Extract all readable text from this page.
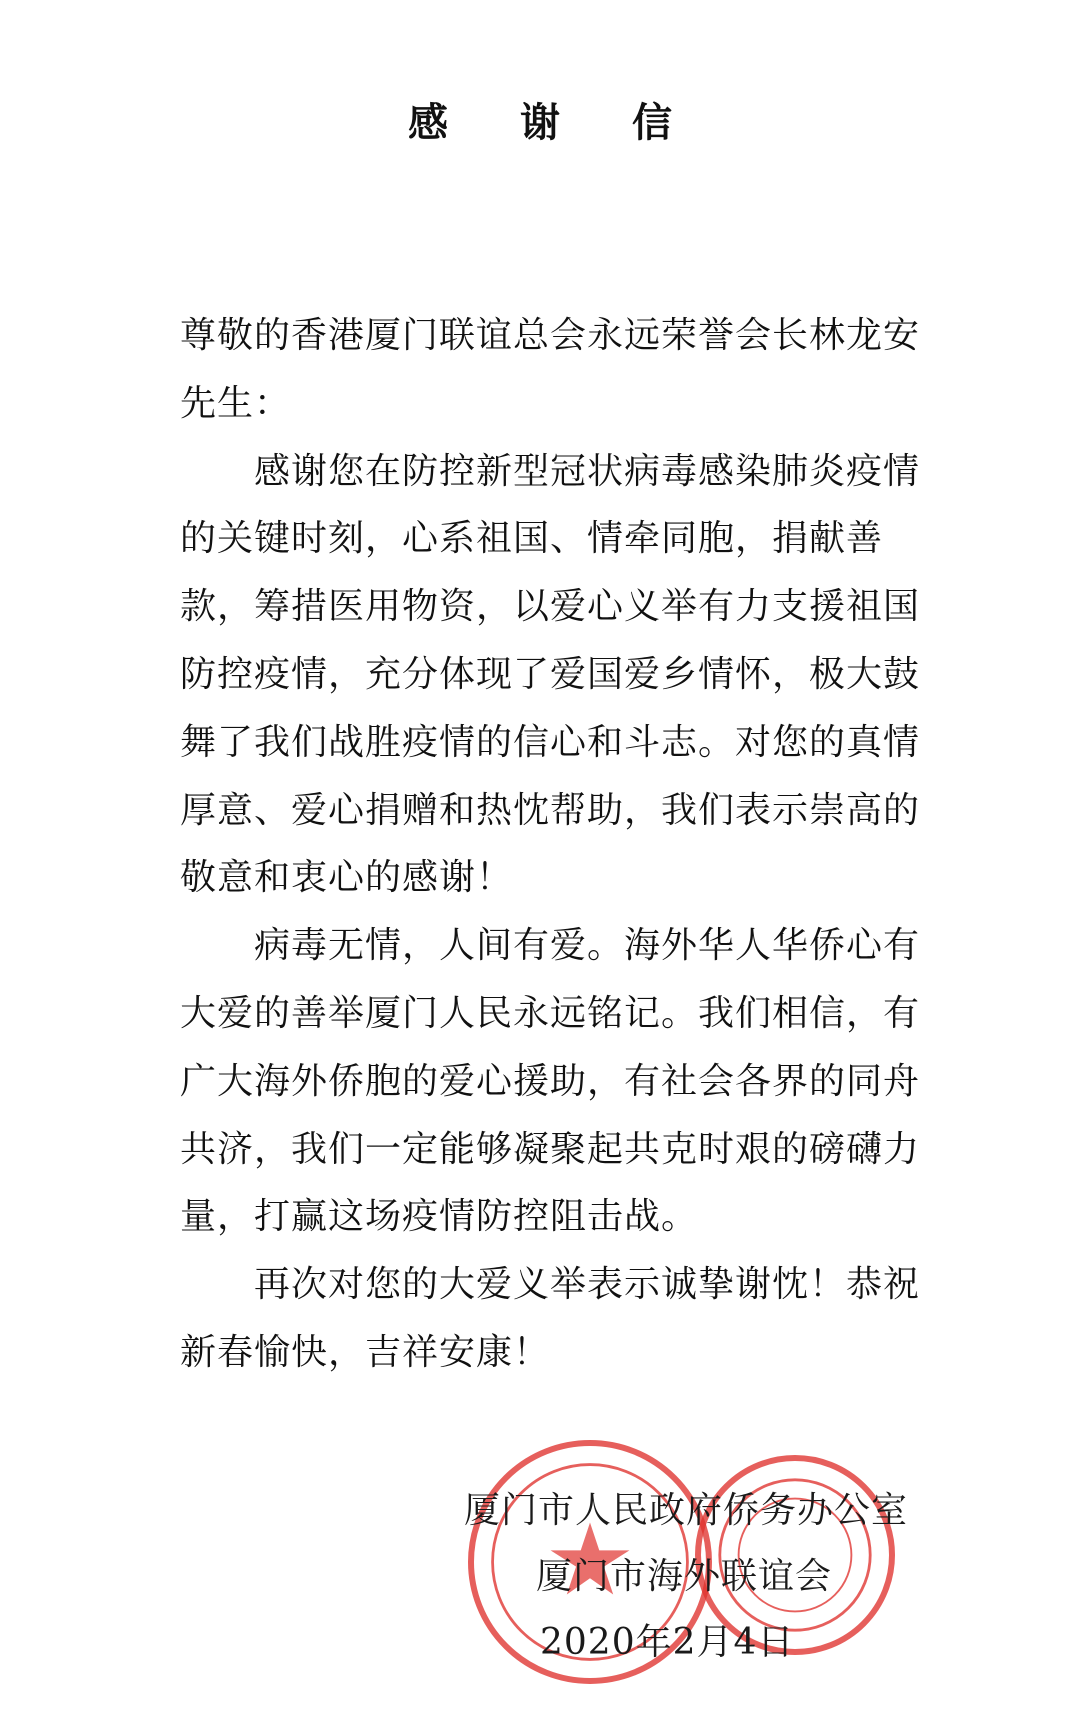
感谢信

尊敬的香港厦门联谊总会永远荣誉会长林龙安

先生：

感谢您在防控新型冠状病毒感染肺炎疫情的关键时刻，心系祖国、情牵同胞，捐献善款，筹措医用物资，以爱心义举有力支援祖国防控疫情，充分体现了爱国爱乡情怀，极大鼓舞了我们战胜疫情的信心和斗志。对您的真情厚意、爱心捐赠和热忱帮助，我们表示崇高的敬意和衷心的感谢！

病毒无情，人间有爱。海外华人华侨心有大爱的善举厦门人民永远铭记。我们相信，有广大海外侨胞的爱心援助，有社会各界的同舟共济，我们一定能够凝聚起共克时艰的磅礴力量，打赢这场疫情防控阻击战。

再次对您的大爱义举表示诚挚谢忱！恭祝新春愉快，吉祥安康！

厦门市人民政府侨务办公室
厦门市海外联谊会
2020年2月4日
